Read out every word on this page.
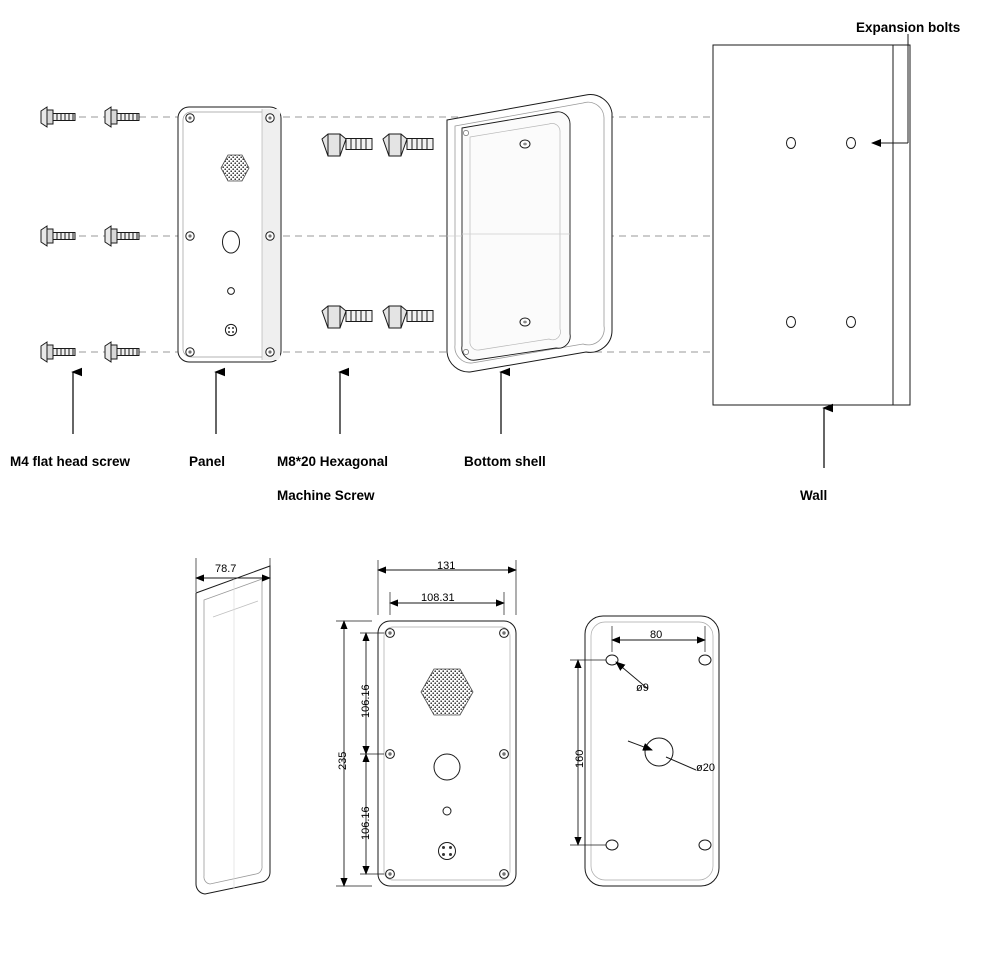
M4 flat head screw	Panel	M8*20 Hexagonal
Machine Screw
Bottom shell
Wall
Expansion bolts
78.7	131
108.31
235
106.16
106.16
80
160
ø9
ø20
